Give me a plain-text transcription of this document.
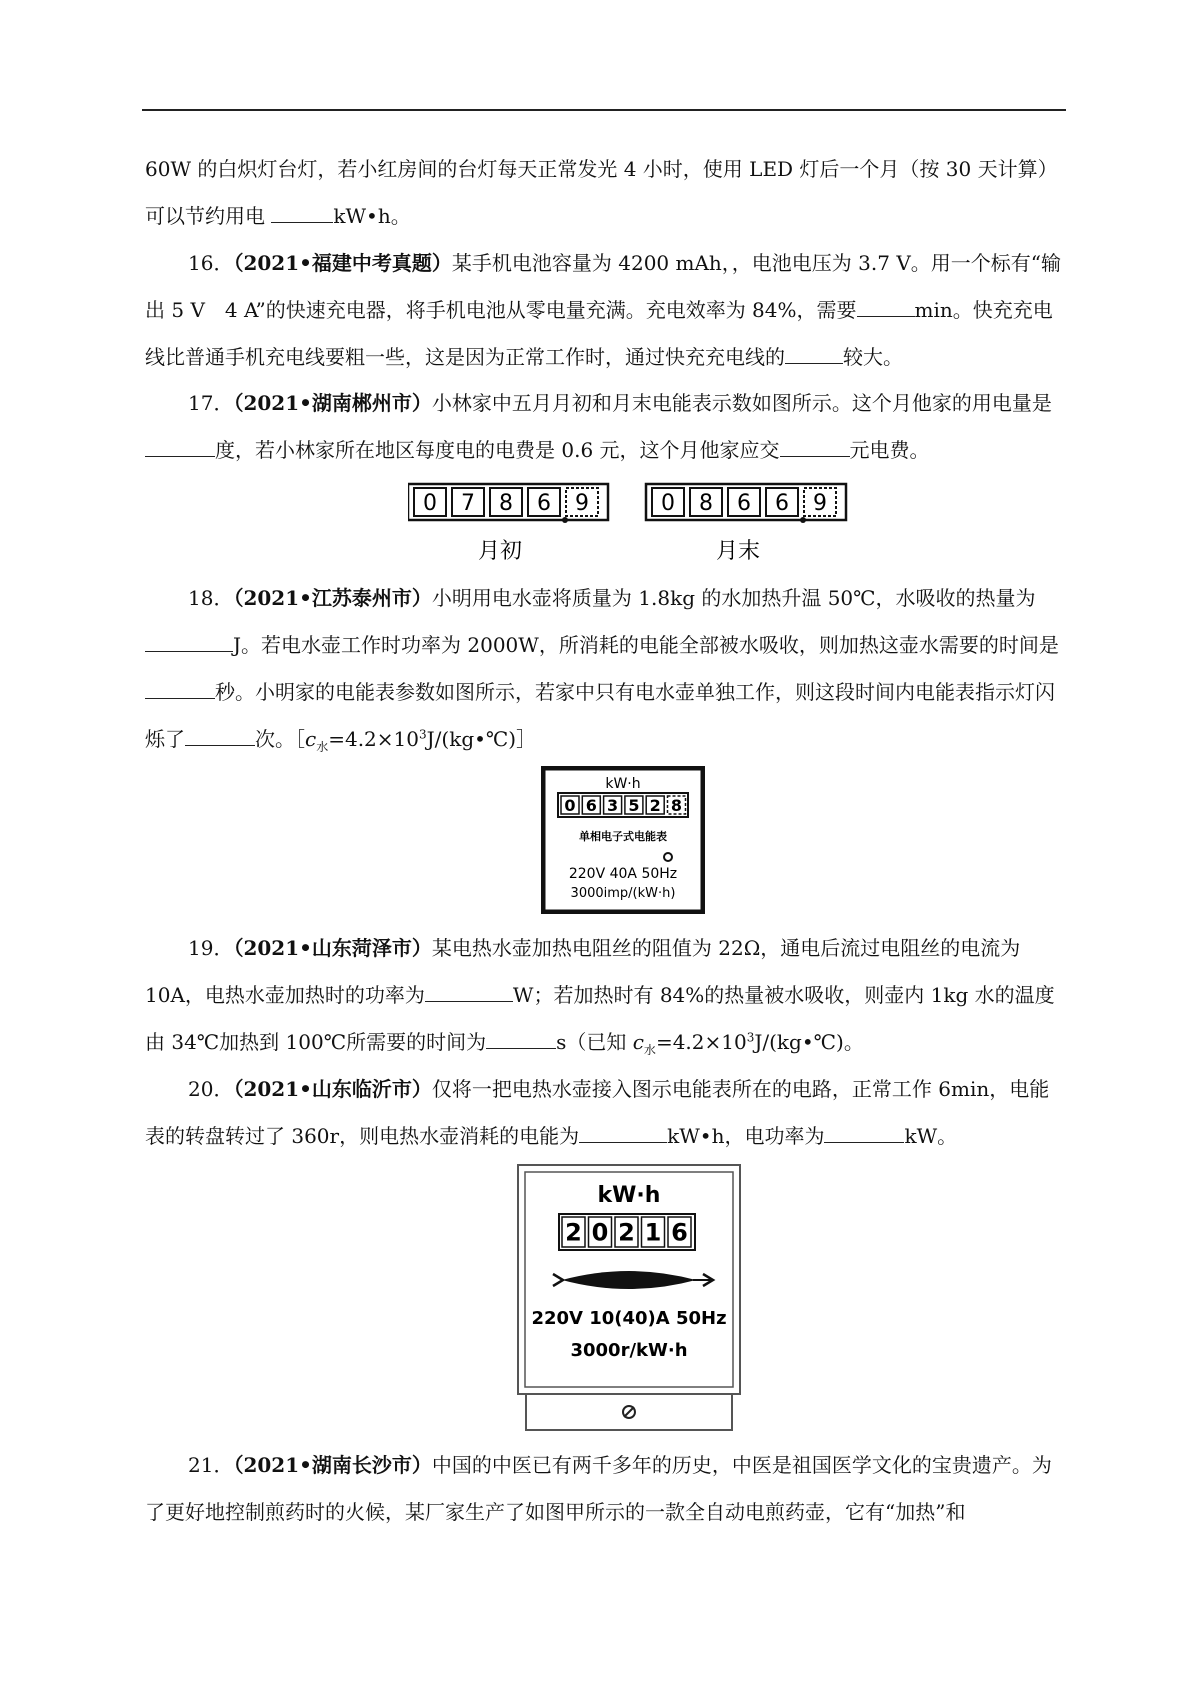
60W 的白炽灯台灯，若小红房间的台灯每天正常发光 4 小时，使用 LED 灯后一个月（按 30 天计算）
可以节约用电	kW•h。

16．（2021•福建中考真题）某手机电池容量为 4200 mAh，，电池电压为 3.7 V。用一个标有“输出 5 V　4 A”的快速充电器，将手机电池从零电量充满。充电效率为 84%，需要	min。快充充电线比普通手机充电线要粗一些，这是因为正常工作时，通过快充充电线的	较大。

17．（2021•湖南郴州市）小林家中五月月初和月末电能表示数如图所示。这个月他家的用电量是度，若小林家所在地区每度电的电费是 0.6 元，这个月他家应交	元电费。

0 7 8 6 9
月初
0 8 6 6 9
月末

18．（2021•江苏泰州市）小明用电水壶将质量为 1.8kg 的水加热升温 50℃，水吸收的热量为J。若电水壶工作时功率为 2000W，所消耗的电能全部被水吸收，则加热这壶水需要的时间是秒。小明家的电能表参数如图所示，若家中只有电水壶单独工作，则这段时间内电能表指示灯闪烁了	次。$[c_水=4.2\times 10^3J/(kg•℃)]$

kW·h
0 6 3 5 2 8
单相电子式电能表
220V 40A 50Hz
3000imp/(kW·h)

19．（2021•山东菏泽市）某电热水壶加热电阻丝的阻值为 22Ω，通电后流过电阻丝的电流为 10A，电热水壶加热时的功率为	W；若加热时有 84%的热量被水吸收，则壶内 1kg 水的温度由 34℃加热到 100℃所需要的时间为	s（已知 $c_水=4.2\times 10^3J/(kg•℃)$。

20．（2021•山东临沂市）仅将一把电热水壶接入图示电能表所在的电路，正常工作 6min，电能表的转盘转过了 360r，则电热水壶消耗的电能为	kW•h，电功率为	kW。

kW·h
2 0 2 1 6
220V 10(40)A 50Hz
3000r/kW·h

21．（2021•湖南长沙市）中国的中医已有两千多年的历史，中医是祖国医学文化的宝贵遗产。为了更好地控制煎药时的火候，某厂家生产了如图甲所示的一款全自动电煎药壶，它有“加热”和
